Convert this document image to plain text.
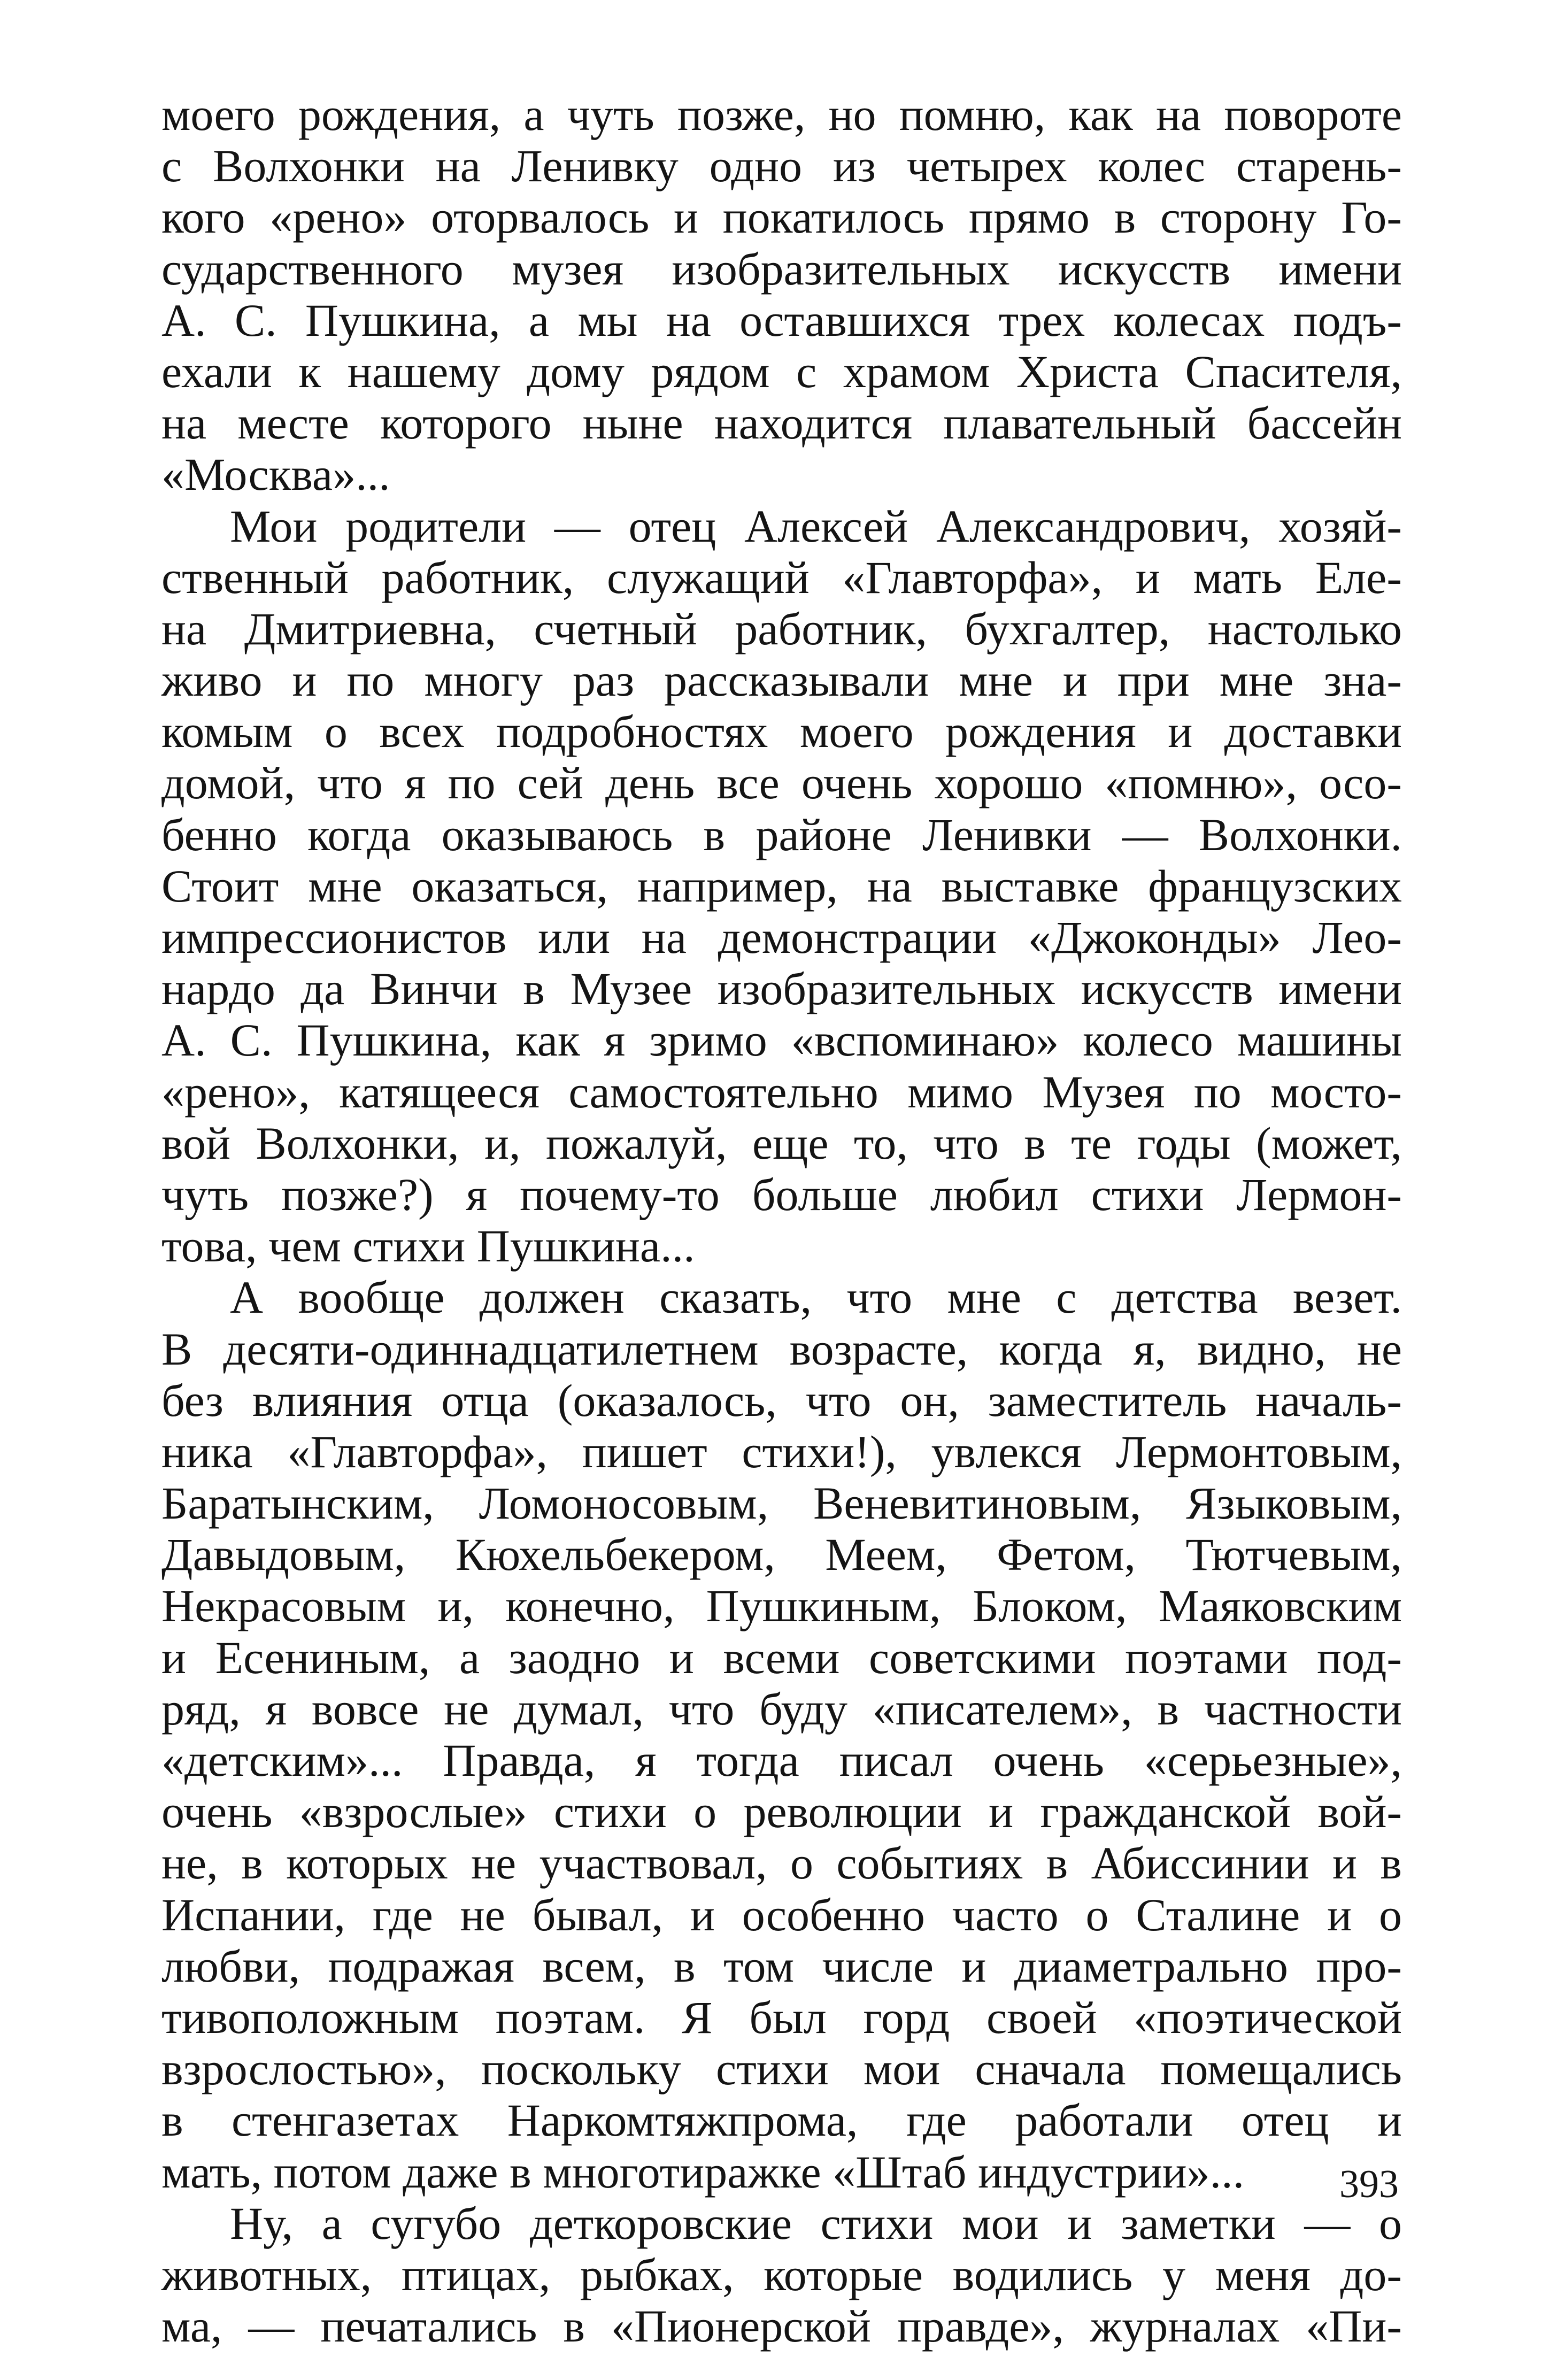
моего рождения, а чуть позже, но помню, как на повороте
с Волхонки на Ленивку одно из четырех колес старень-
кого «рено» оторвалось и покатилось прямо в сторону Го-
сударственного музея изобразительных искусств имени
А. С. Пушкина, а мы на оставшихся трех колесах подъ-
ехали к нашему дому рядом с храмом Христа Спасителя,
на месте которого ныне находится плавательный бассейн
«Москва»...
Мои родители — отец Алексей Александрович, хозяй-
ственный работник, служащий «Главторфа», и мать Еле-
на Дмитриевна, счетный работник, бухгалтер, настолько
живо и по многу раз рассказывали мне и при мне зна-
комым о всех подробностях моего рождения и доставки
домой, что я по сей день все очень хорошо «помню», осо-
бенно когда оказываюсь в районе Ленивки — Волхонки.
Стоит мне оказаться, например, на выставке французских
импрессионистов или на демонстрации «Джоконды» Лео-
нардо да Винчи в Музее изобразительных искусств имени
А. С. Пушкина, как я зримо «вспоминаю» колесо машины
«рено», катящееся самостоятельно мимо Музея по мосто-
вой Волхонки, и, пожалуй, еще то, что в те годы (может,
чуть позже?) я почему-то больше любил стихи Лермон-
това, чем стихи Пушкина...
А вообще должен сказать, что мне с детства везет.
В десяти-одиннадцатилетнем возрасте, когда я, видно, не
без влияния отца (оказалось, что он, заместитель началь-
ника «Главторфа», пишет стихи!), увлекся Лермонтовым,
Баратынским, Ломоносовым, Веневитиновым, Языковым,
Давыдовым, Кюхельбекером, Меем, Фетом, Тютчевым,
Некрасовым и, конечно, Пушкиным, Блоком, Маяковским
и Есениным, а заодно и всеми советскими поэтами под-
ряд, я вовсе не думал, что буду «писателем», в частности
«детским»... Правда, я тогда писал очень «серьезные»,
очень «взрослые» стихи о революции и гражданской вой-
не, в которых не участвовал, о событиях в Абиссинии и в
Испании, где не бывал, и особенно часто о Сталине и о
любви, подражая всем, в том числе и диаметрально про-
тивоположным поэтам. Я был горд своей «поэтической
взрослостью», поскольку стихи мои сначала помещались
в стенгазетах Наркомтяжпрома, где работали отец и
мать, потом даже в многотиражке «Штаб индустрии»...
Ну, а сугубо деткоровские стихи мои и заметки — о
животных, птицах, рыбках, которые водились у меня до-
ма, — печатались в «Пионерской правде», журналах «Пи-
393
